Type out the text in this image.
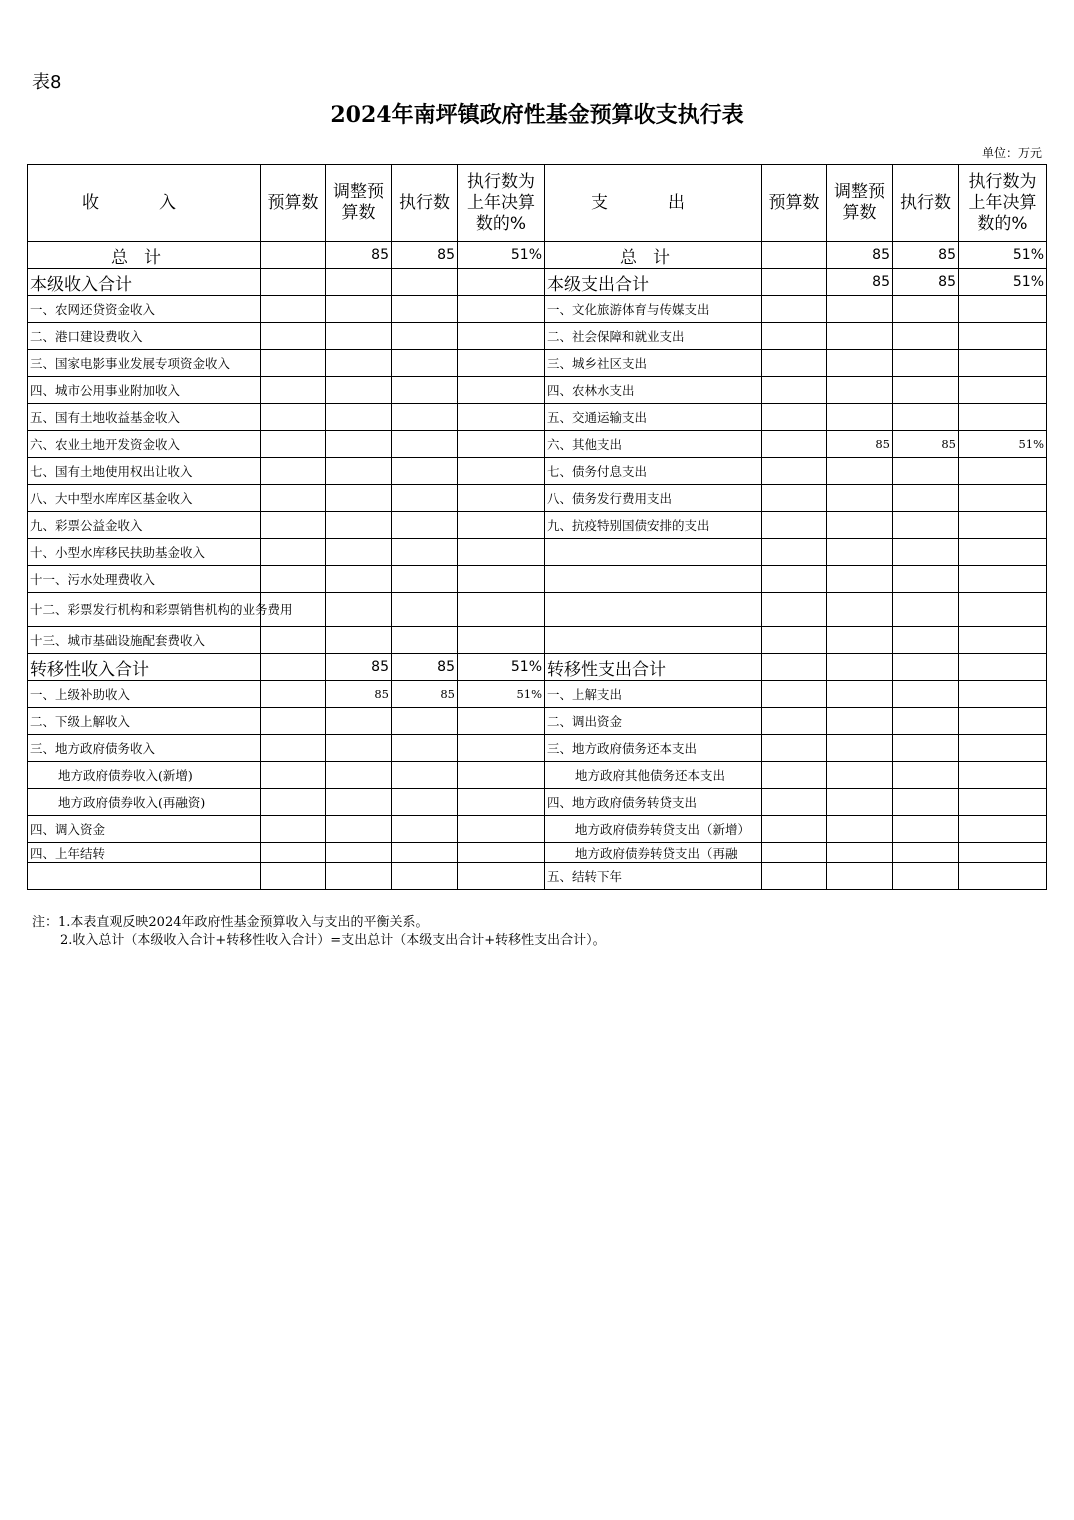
表8
2024年南坪镇政府性基金预算收支执行表
单位：万元
收入	预算数	调整预算数	执行数	执行数为上年决算数的%	支出	预算数	调整预算数	执行数	执行数为上年决算数的%
总计		85	85	51%	总计		85	85	51%
本级收入合计					本级支出合计		85	85	51%
一、农网还贷资金收入					一、文化旅游体育与传媒支出				
二、港口建设费收入					二、社会保障和就业支出				
三、国家电影事业发展专项资金收入					三、城乡社区支出				
四、城市公用事业附加收入					四、农林水支出				
五、国有土地收益基金收入					五、交通运输支出				
六、农业土地开发资金收入					六、其他支出		85	85	51%
七、国有土地使用权出让收入					七、债务付息支出				
八、大中型水库库区基金收入					八、债务发行费用支出				
九、彩票公益金收入					九、抗疫特别国债安排的支出				
十、小型水库移民扶助基金收入									
十一、污水处理费收入									
十二、彩票发行机构和彩票销售机构的业务费用									
十三、城市基础设施配套费收入									
转移性收入合计		85	85	51%	转移性支出合计				
一、上级补助收入		85	85	51%	一、上解支出				
二、下级上解收入					二、调出资金				
三、地方政府债务收入					三、地方政府债务还本支出				
地方政府债券收入(新增)					地方政府其他债务还本支出				
地方政府债券收入(再融资)					四、地方政府债务转贷支出				
四、调入资金					地方政府债券转贷支出（新增）				
四、上年结转					地方政府债券转贷支出（再融				
					五、结转下年				
注：1.本表直观反映2024年政府性基金预算收入与支出的平衡关系。
2.收入总计（本级收入合计+转移性收入合计）=支出总计（本级支出合计+转移性支出合计）。
